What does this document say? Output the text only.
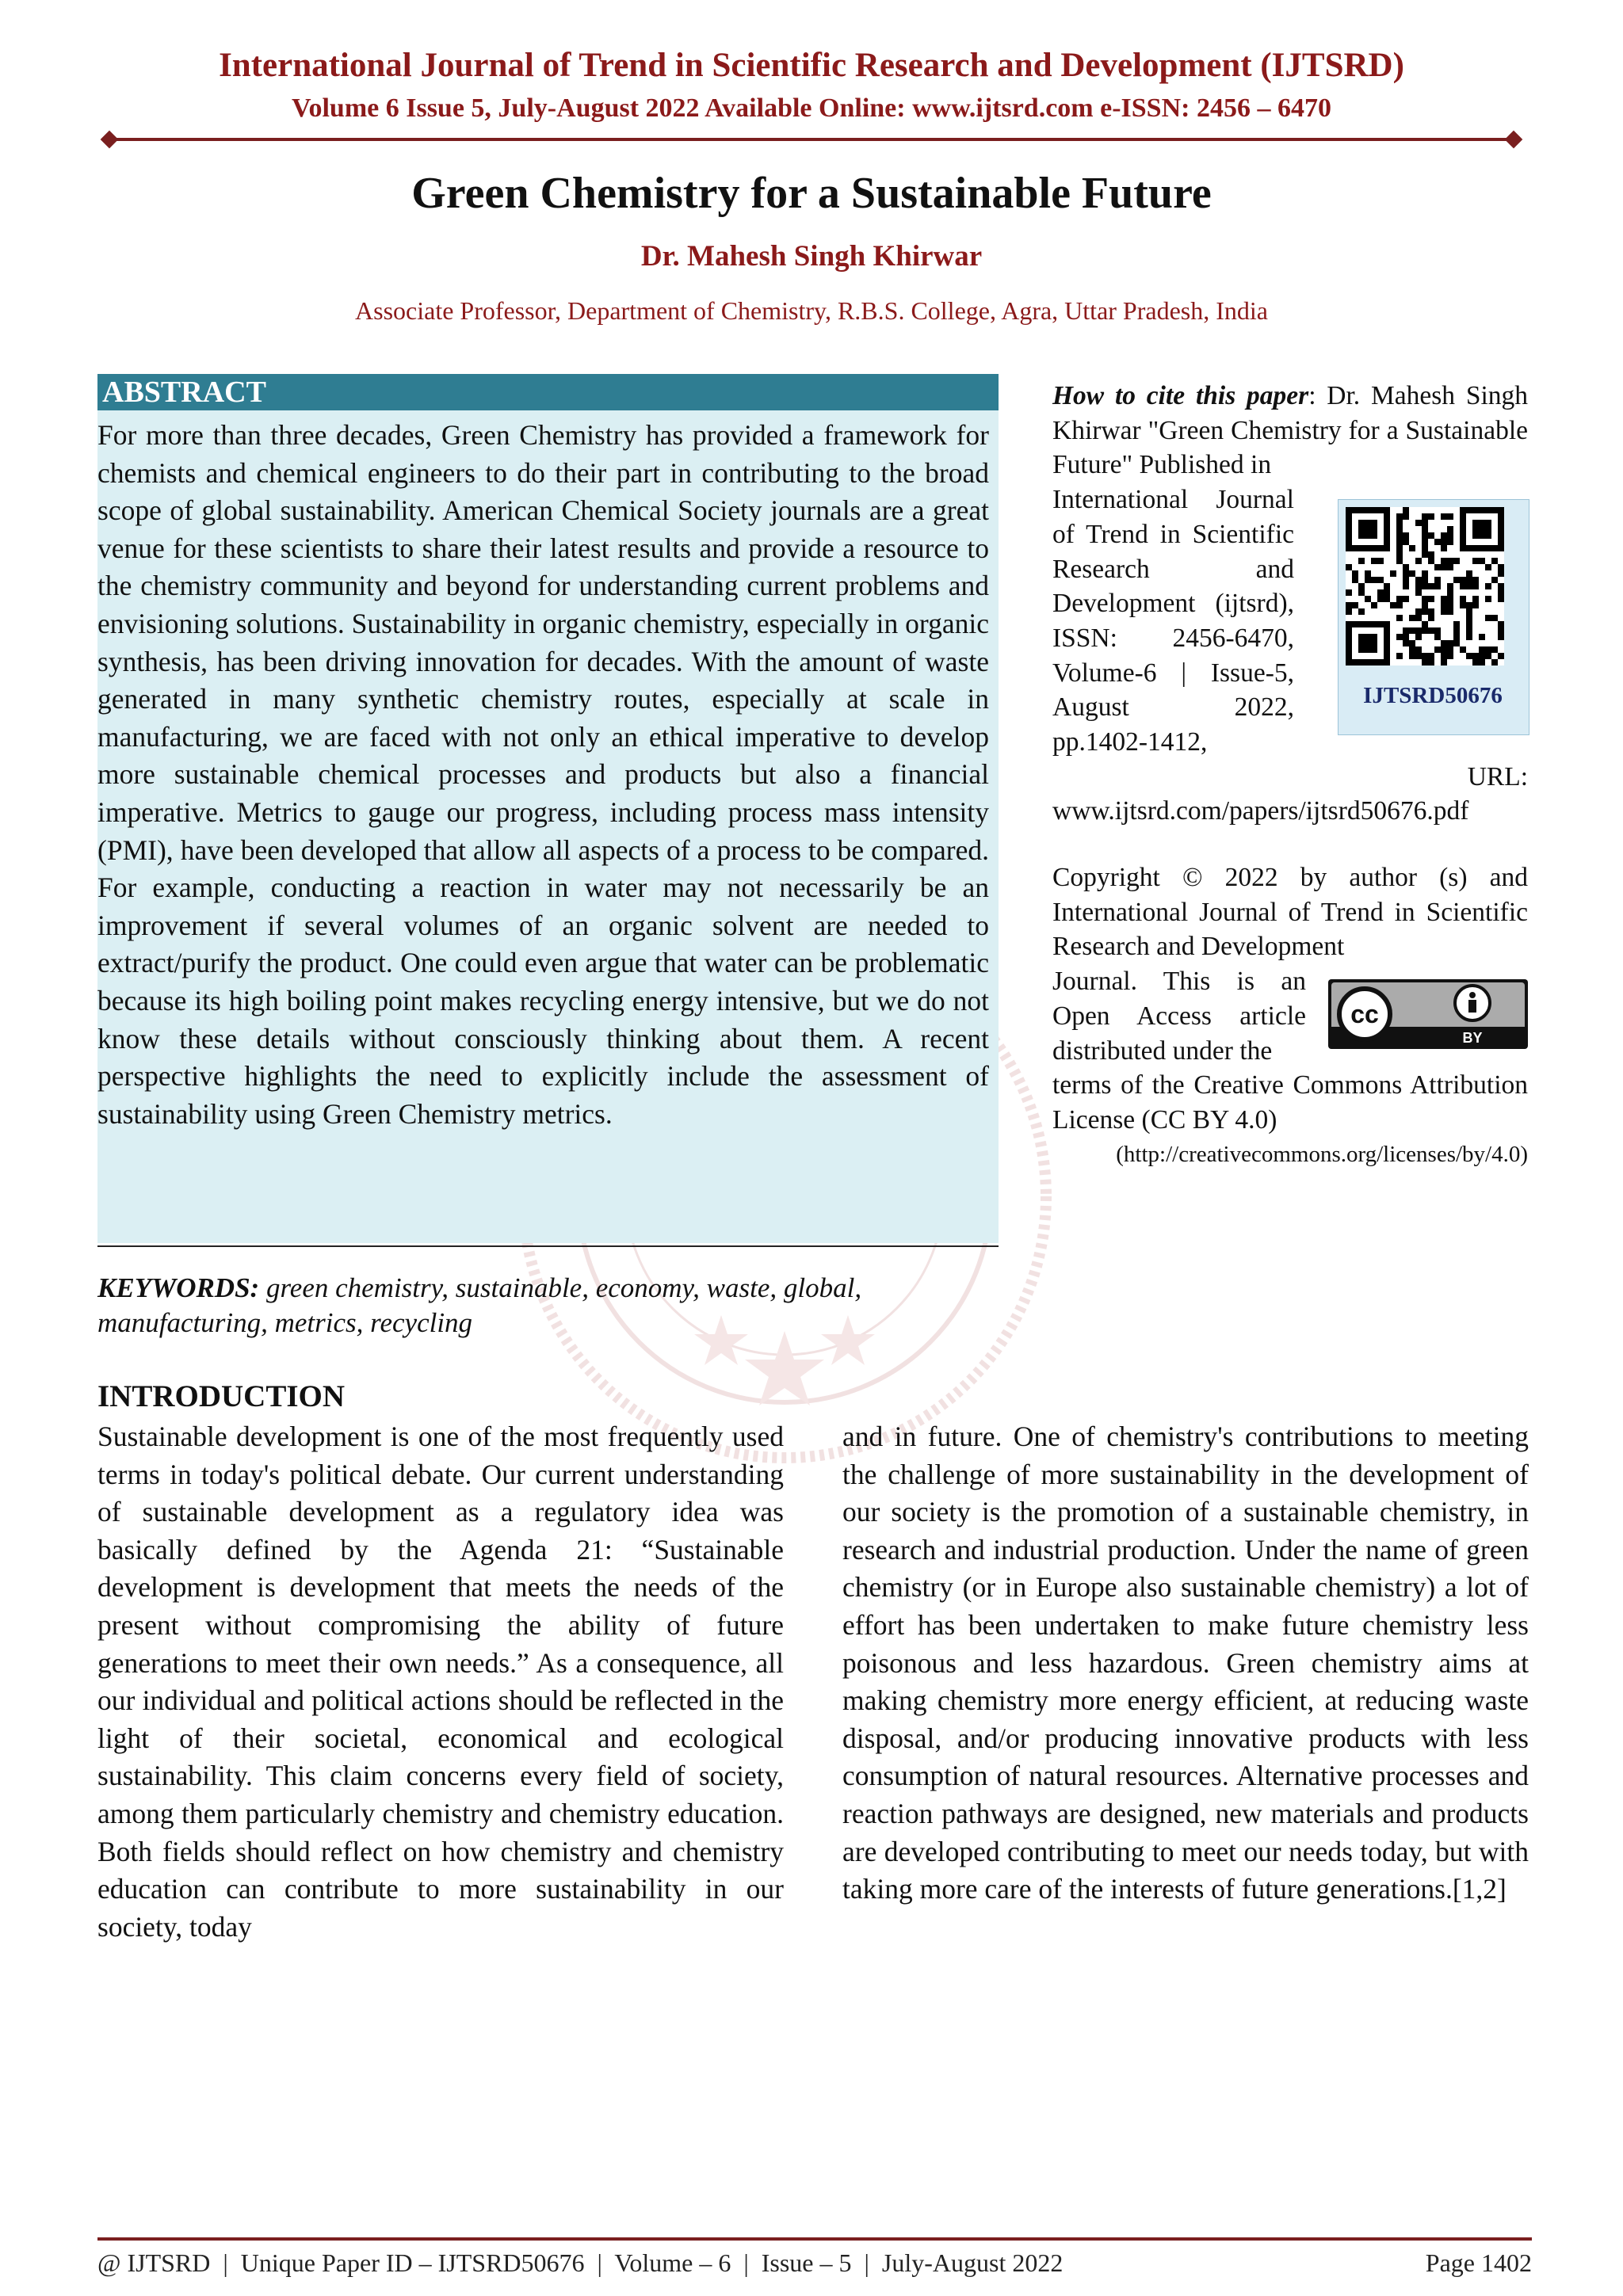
International Journal of Trend in Scientific Research and Development (IJTSRD)
Volume 6 Issue 5, July-August 2022 Available Online: www.ijtsrd.com e-ISSN: 2456 – 6470
Green Chemistry for a Sustainable Future
Dr. Mahesh Singh Khirwar
Associate Professor, Department of Chemistry, R.B.S. College, Agra, Uttar Pradesh, India
ABSTRACT

For more than three decades, Green Chemistry has provided a framework for chemists and chemical engineers to do their part in contributing to the broad scope of global sustainability. American Chemical Society journals are a great venue for these scientists to share their latest results and provide a resource to the chemistry community and beyond for understanding current problems and envisioning solutions. Sustainability in organic chemistry, especially in organic synthesis, has been driving innovation for decades. With the amount of waste generated in many synthetic chemistry routes, especially at scale in manufacturing, we are faced with not only an ethical imperative to develop more sustainable chemical processes and products but also a financial imperative. Metrics to gauge our progress, including process mass intensity (PMI), have been developed that allow all aspects of a process to be compared. For example, conducting a reaction in water may not necessarily be an improvement if several volumes of an organic solvent are needed to extract/purify the product. One could even argue that water can be problematic because its high boiling point makes recycling energy intensive, but we do not know these details without consciously thinking about them. A recent perspective highlights the need to explicitly include the assessment of sustainability using Green Chemistry metrics.

How to cite this paper: Dr. Mahesh Singh Khirwar "Green Chemistry for a Sustainable Future" Published in

International Journal of Trend in Scientific Research and Development (ijtsrd), ISSN: 2456-6470, Volume-6 | Issue-5, August 2022, pp.1402-1412,

URL:

www.ijtsrd.com/papers/ijtsrd50676.pdf

IJTSRD50676

Copyright © 2022 by author (s) and International Journal of Trend in Scientific Research and Development

Journal. This is an Open Access article distributed under the

terms of the Creative Commons Attribution License (CC BY 4.0)

(http://creativecommons.org/licenses/by/4.0)

cc
BY

KEYWORDS: green chemistry, sustainable, economy, waste, global, manufacturing, metrics, recycling

INTRODUCTION

Sustainable development is one of the most frequently used terms in today's political debate. Our current understanding of sustainable development as a regulatory idea was basically defined by the Agenda 21: “Sustainable development is development that meets the needs of the present without compromising the ability of future generations to meet their own needs.” As a consequence, all our individual and political actions should be reflected in the light of their societal, economical and ecological sustainability. This claim concerns every field of society, among them particularly chemistry and chemistry education. Both fields should reflect on how chemistry and chemistry education can contribute to more sustainability in our society, today

and in future. One of chemistry's contributions to meeting the challenge of more sustainability in the development of our society is the promotion of a sustainable chemistry, in research and industrial production. Under the name of green chemistry (or in Europe also sustainable chemistry) a lot of effort has been undertaken to make future chemistry less poisonous and less hazardous. Green chemistry aims at making chemistry more energy efficient, at reducing waste disposal, and/or producing innovative products with less consumption of natural resources. Alternative processes and reaction pathways are designed, new materials and products are developed contributing to meet our needs today, but with taking more care of the interests of future generations.[1,2]

@ IJTSRD  |  Unique Paper ID – IJTSRD50676  |  Volume – 6  |  Issue – 5  |  July-August 2022	Page 1402
